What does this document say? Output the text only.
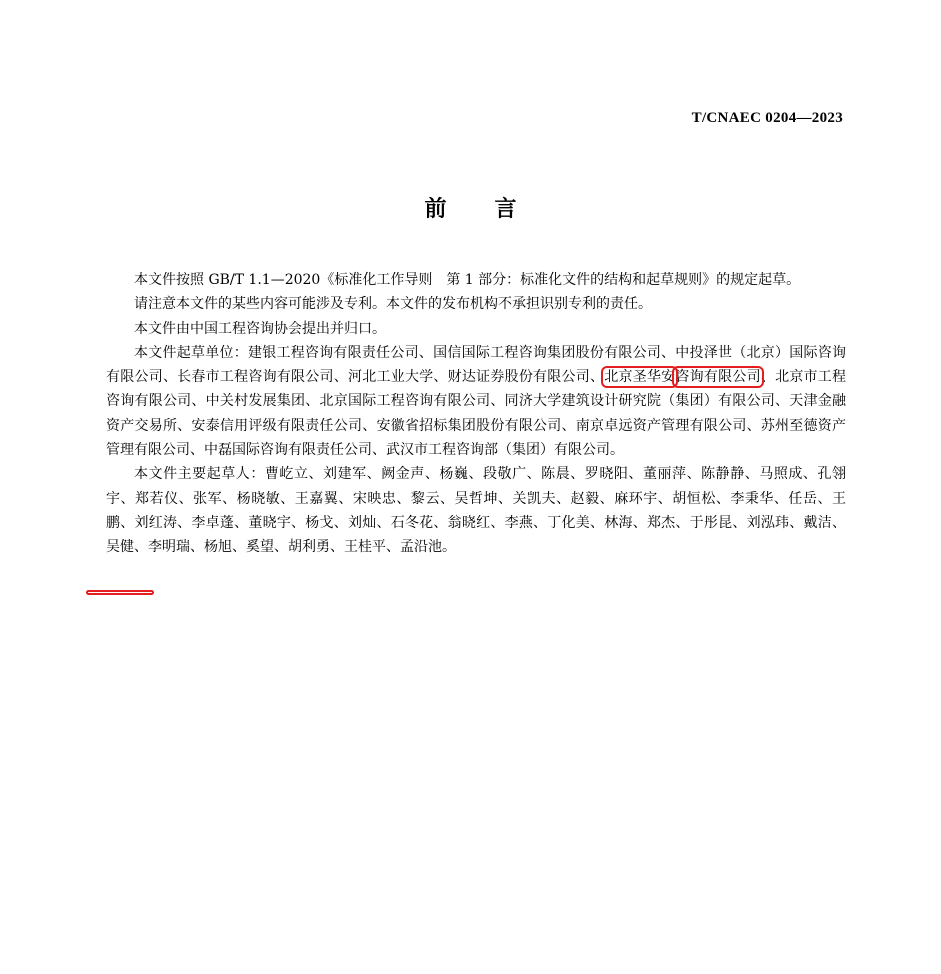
T/CNAEC 0204—2023
前言

本文件按照 GB/T 1.1—2020《标准化工作导则　第 1 部分：标准化文件的结构和起草规则》的规定起草。

请注意本文件的某些内容可能涉及专利。本文件的发布机构不承担识别专利的责任。

本文件由中国工程咨询协会提出并归口。

本文件起草单位：建银工程咨询有限责任公司、国信国际工程咨询集团股份有限公司、中投泽世（北京）国际咨询有限公司、长春市工程咨询有限公司、河北工业大学、财达证券股份有限公司、北京圣华安咨询有限公司、北京市工程咨询有限公司、中关村发展集团、北京国际工程咨询有限公司、同济大学建筑设计研究院（集团）有限公司、天津金融资产交易所、安泰信用评级有限责任公司、安徽省招标集团股份有限公司、南京卓远资产管理有限公司、苏州至德资产管理有限公司、中磊国际咨询有限责任公司、武汉市工程咨询部（集团）有限公司。

本文件主要起草人：曹屹立、刘建军、阙金声、杨巍、段敬广、陈晨、罗晓阳、董丽萍、陈静静、马照成、孔翎宇、郑若仪、张军、杨晓敏、王嘉翼、宋映忠、黎云、吴哲坤、关凯夫、赵毅、麻环宇、胡恒松、李秉华、任岳、王鹏、刘红涛、李卓蓬、董晓宇、杨戈、刘灿、石冬花、翁晓红、李燕、丁化美、林海、郑杰、于彤昆、刘泓玮、戴洁、吴健、李明瑞、杨旭、奚望、胡利勇、王桂平、孟沿池。
